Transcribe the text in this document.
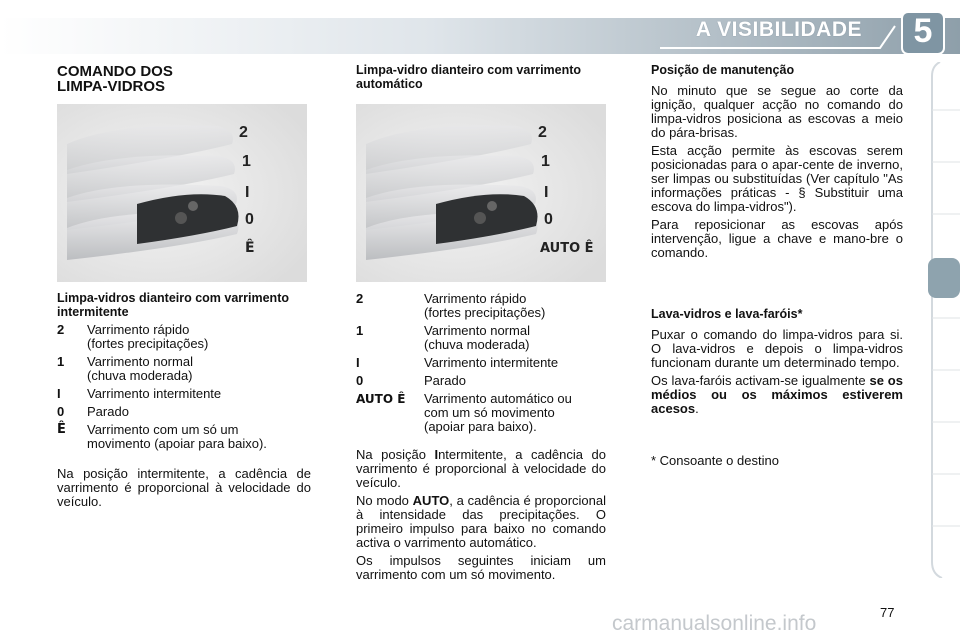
A VISIBILIDADE	5
COMANDO DOS
LIMPA-VIDROS
2
1
I
0
Ê
Limpa-vidros dianteiro com varrimento intermitente
2	Varrimento rápido
(fortes precipitações)
1	Varrimento normal
(chuva moderada)
I	Varrimento intermitente
0	Parado
Ê	Varrimento com um só um
movimento (apoiar para baixo).

Na posição intermitente, a cadência de varrimento é proporcional à velocidade do veículo.

Limpa-vidro dianteiro com varrimento automático
2
1
I
0
AUTO Ê
2	Varrimento rápido
(fortes precipitações)
1	Varrimento normal
(chuva moderada)
I	Varrimento intermitente
0	Parado
AUTO Ê	Varrimento automático ou
com um só movimento
(apoiar para baixo).

Na posição Intermitente, a cadência do varrimento é proporcional à velocidade do veículo.

No modo AUTO, a cadência é proporcional à intensidade das precipitações. O primeiro impulso para baixo no comando activa o varrimento automático.

Os impulsos seguintes iniciam um varrimento com um só movimento.

Posição de manutenção

No minuto que se segue ao corte da ignição, qualquer acção no comando do limpa-vidros posiciona as escovas a meio do pára-brisas.

Esta acção permite às escovas serem posicionadas para o apar-cente de inverno, ser limpas ou substituídas (Ver capítulo "As informações práticas - § Substituir uma escova do limpa-vidros").

Para reposicionar as escovas após intervenção, ligue a chave e mano-bre o comando.

Lava-vidros e lava-faróis*

Puxar o comando do limpa-vidros para si. O lava-vidros e depois o limpa-vidros funcionam durante um determinado tempo.

Os lava-faróis activam-se igualmente se os médios ou os máximos estiverem acesos.

* Consoante o destino

77
carmanualsonline.info
